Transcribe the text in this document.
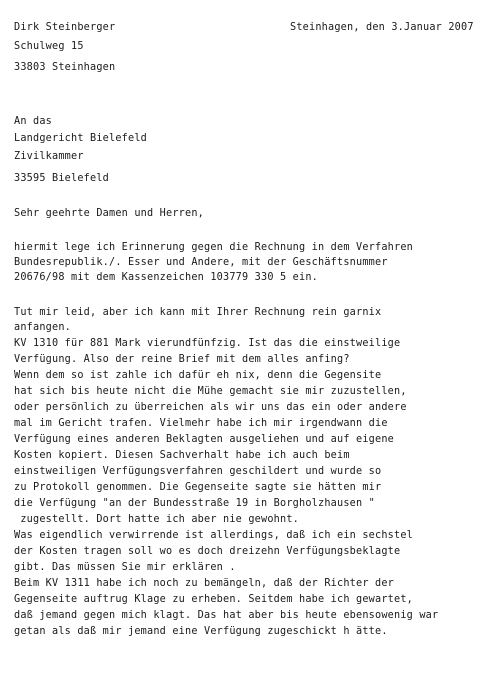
Dirk Steinberger	Steinhagen, den 3.Januar 2007
Schulweg 15
33803 Steinhagen
An das
Landgericht Bielefeld
Zivilkammer
33595 Bielefeld
Sehr geehrte Damen und Herren,
hiermit lege ich Erinnerung gegen die Rechnung in dem Verfahren
Bundesrepublik./. Esser und Andere, mit der Geschäftsnummer
20676/98 mit dem Kassenzeichen 103779 330 5 ein.
Tut mir leid, aber ich kann mit Ihrer Rechnung rein garnix
anfangen.
KV 1310 für 881 Mark vierundfünfzig. Ist das die einstweilige
Verfügung. Also der reine Brief mit dem alles anfing?
Wenn dem so ist zahle ich dafür eh nix, denn die Gegensite
hat sich bis heute nicht die Mühe gemacht sie mir zuzustellen,
oder persönlich zu überreichen als wir uns das ein oder andere
mal im Gericht trafen. Vielmehr habe ich mir irgendwann die
Verfügung eines anderen Beklagten ausgeliehen und auf eigene
Kosten kopiert. Diesen Sachverhalt habe ich auch beim
einstweiligen Verfügungsverfahren geschildert und wurde so
zu Protokoll genommen. Die Gegenseite sagte sie hätten mir
die Verfügung "an der Bundesstraße 19 in Borgholzhausen "
zugestellt. Dort hatte ich aber nie gewohnt.
Was eigendlich verwirrende ist allerdings, daß ich ein sechstel
der Kosten tragen soll wo es doch dreizehn Verfügungsbeklagte
gibt. Das müssen Sie mir erklären .
Beim KV 1311 habe ich noch zu bemängeln, daß der Richter der
Gegenseite auftrug Klage zu erheben. Seitdem habe ich gewartet,
daß jemand gegen mich klagt. Das hat aber bis heute ebensowenig war
getan als daß mir jemand eine Verfügung zugeschickt h ätte.
